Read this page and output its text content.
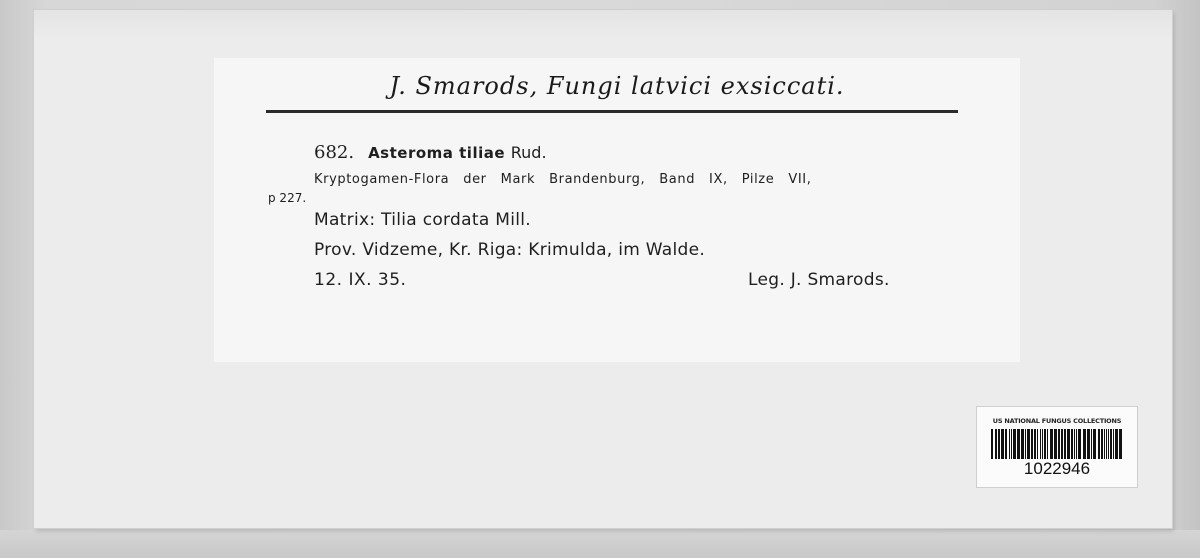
J. Smarods, Fungi latvici exsiccati.
682. Asteroma tiliae Rud.
Kryptogamen-Flora der Mark Brandenburg, Band IX, Pilze VII,
p 227.
Matrix: Tilia cordata Mill.
Prov. Vidzeme, Kr. Riga: Krimulda, im Walde.
12. IX. 35.	Leg. J. Smarods.
US NATIONAL FUNGUS COLLECTIONS
1022946
